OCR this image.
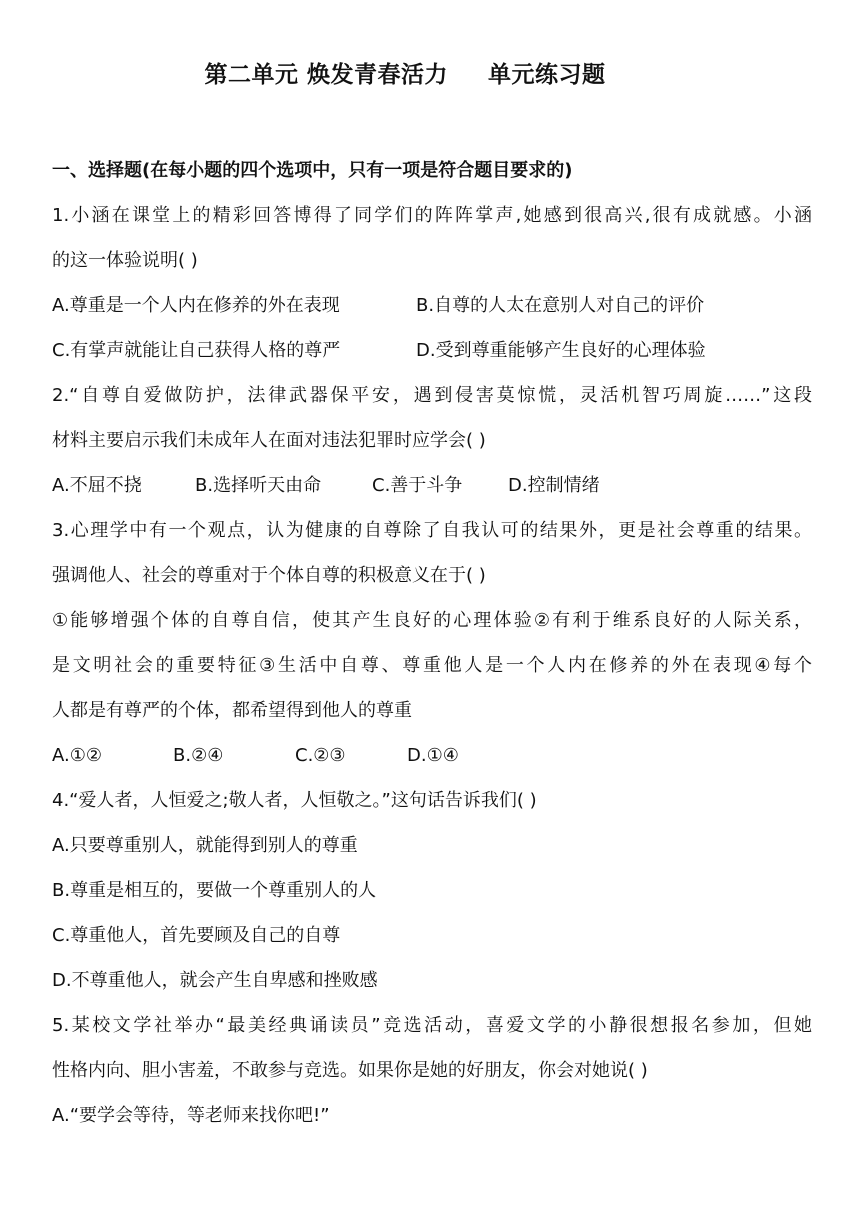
第二单元 焕发青春活力 单元练习题
一、选择题(在每小题的四个选项中，只有一项是符合题目要求的)
1.小涵在课堂上的精彩回答博得了同学们的阵阵掌声,她感到很高兴,很有成就感。小涵
的这一体验说明( )
A.尊重是一个人内在修养的外在表现	B.自尊的人太在意别人对自己的评价
C.有掌声就能让自己获得人格的尊严	D.受到尊重能够产生良好的心理体验
2.“自尊自爱做防护，法律武器保平安，遇到侵害莫惊慌，灵活机智巧周旋……”这段
材料主要启示我们未成年人在面对违法犯罪时应学会( )
A.不屈不挠	B.选择听天由命	C.善于斗争	D.控制情绪
3.心理学中有一个观点，认为健康的自尊除了自我认可的结果外，更是社会尊重的结果。
强调他人、社会的尊重对于个体自尊的积极意义在于( )
①能够增强个体的自尊自信，使其产生良好的心理体验②有利于维系良好的人际关系，
是文明社会的重要特征③生活中自尊、尊重他人是一个人内在修养的外在表现④每个
人都是有尊严的个体，都希望得到他人的尊重
A.①②	B.②④	C.②③	D.①④
4.“爱人者，人恒爱之;敬人者，人恒敬之。”这句话告诉我们( )
A.只要尊重别人，就能得到别人的尊重
B.尊重是相互的，要做一个尊重别人的人
C.尊重他人，首先要顾及自己的自尊
D.不尊重他人，就会产生自卑感和挫败感
5.某校文学社举办“最美经典诵读员”竞选活动，喜爱文学的小静很想报名参加，但她
性格内向、胆小害羞，不敢参与竞选。如果你是她的好朋友，你会对她说( )
A.“要学会等待，等老师来找你吧!”
